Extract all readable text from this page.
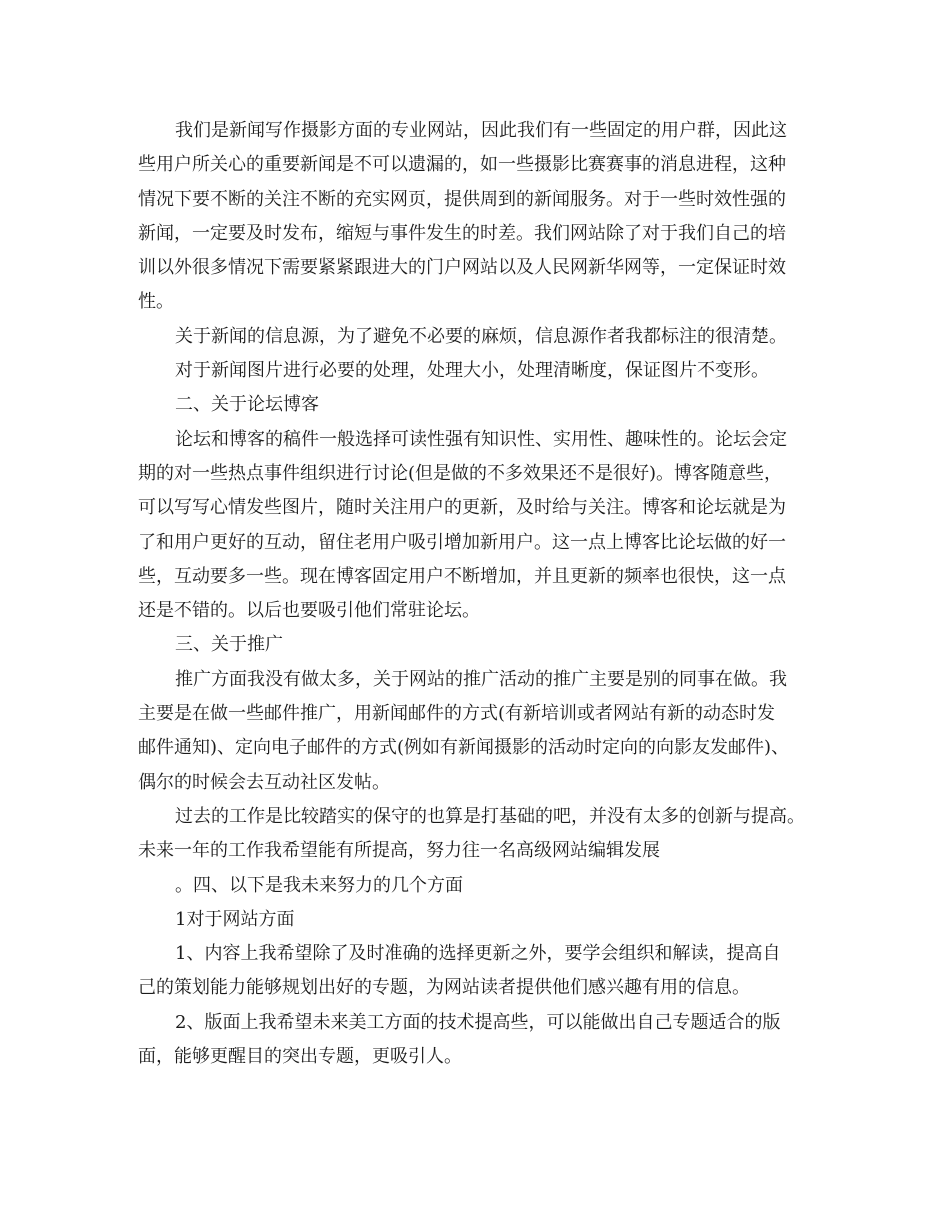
我们是新闻写作摄影方面的专业网站，因此我们有一些固定的用户群，因此这
些用户所关心的重要新闻是不可以遗漏的，如一些摄影比赛赛事的消息进程，这种
情况下要不断的关注不断的充实网页，提供周到的新闻服务。对于一些时效性强的
新闻，一定要及时发布，缩短与事件发生的时差。我们网站除了对于我们自己的培
训以外很多情况下需要紧紧跟进大的门户网站以及人民网新华网等，一定保证时效
性。

关于新闻的信息源，为了避免不必要的麻烦，信息源作者我都标注的很清楚。

对于新闻图片进行必要的处理，处理大小，处理清晰度，保证图片不变形。

二、关于论坛博客

论坛和博客的稿件一般选择可读性强有知识性、实用性、趣味性的。论坛会定
期的对一些热点事件组织进行讨论(但是做的不多效果还不是很好)。博客随意些，
可以写写心情发些图片，随时关注用户的更新，及时给与关注。博客和论坛就是为
了和用户更好的互动，留住老用户吸引增加新用户。这一点上博客比论坛做的好一
些，互动要多一些。现在博客固定用户不断增加，并且更新的频率也很快，这一点
还是不错的。以后也要吸引他们常驻论坛。

三、关于推广

推广方面我没有做太多，关于网站的推广活动的推广主要是别的同事在做。我
主要是在做一些邮件推广，用新闻邮件的方式(有新培训或者网站有新的动态时发
邮件通知)、定向电子邮件的方式(例如有新闻摄影的活动时定向的向影友发邮件)、
偶尔的时候会去互动社区发帖。

过去的工作是比较踏实的保守的也算是打基础的吧，并没有太多的创新与提高。
未来一年的工作我希望能有所提高，努力往一名高级网站编辑发展

。四、以下是我未来努力的几个方面

1对于网站方面

1、内容上我希望除了及时准确的选择更新之外，要学会组织和解读，提高自
己的策划能力能够规划出好的专题，为网站读者提供他们感兴趣有用的信息。

2、版面上我希望未来美工方面的技术提高些，可以能做出自己专题适合的版
面，能够更醒目的突出专题，更吸引人。
